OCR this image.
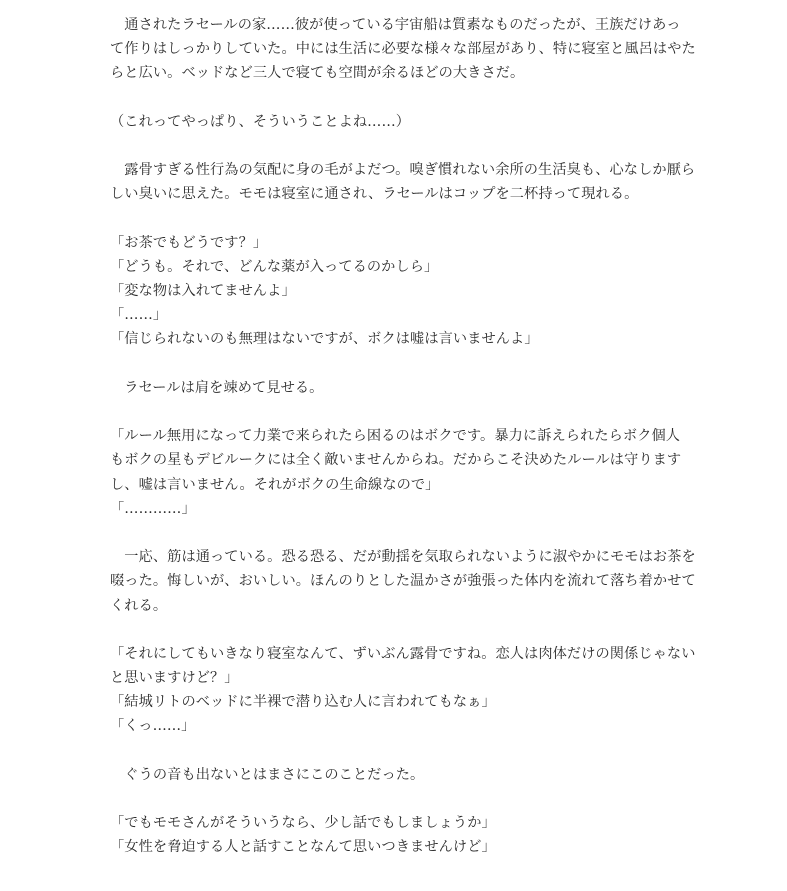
　通されたラセールの家……彼が使っている宇宙船は質素なものだったが、王族だけあっ
て作りはしっかりしていた。中には生活に必要な様々な部屋があり、特に寝室と風呂はやた
らと広い。ベッドなど三人で寝ても空間が余るほどの大きさだ。
（これってやっぱり、そういうことよね……）
　露骨すぎる性行為の気配に身の毛がよだつ。嗅ぎ慣れない余所の生活臭も、心なしか厭ら
しい臭いに思えた。モモは寝室に通され、ラセールはコップを二杯持って現れる。
「お茶でもどうです？」
「どうも。それで、どんな薬が入ってるのかしら」
「変な物は入れてませんよ」
「……」
「信じられないのも無理はないですが、ボクは嘘は言いませんよ」
　ラセールは肩を竦めて見せる。
「ルール無用になって力業で来られたら困るのはボクです。暴力に訴えられたらボク個人
もボクの星もデビルークには全く敵いませんからね。だからこそ決めたルールは守ります
し、嘘は言いません。それがボクの生命線なので」
「…………」
　一応、筋は通っている。恐る恐る、だが動揺を気取られないように淑やかにモモはお茶を
啜った。悔しいが、おいしい。ほんのりとした温かさが強張った体内を流れて落ち着かせて
くれる。
「それにしてもいきなり寝室なんて、ずいぶん露骨ですね。恋人は肉体だけの関係じゃない
と思いますけど？」
「結城リトのベッドに半裸で潜り込む人に言われてもなぁ」
「くっ……」
　ぐうの音も出ないとはまさにこのことだった。
「でもモモさんがそういうなら、少し話でもしましょうか」
「女性を脅迫する人と話すことなんて思いつきませんけど」
